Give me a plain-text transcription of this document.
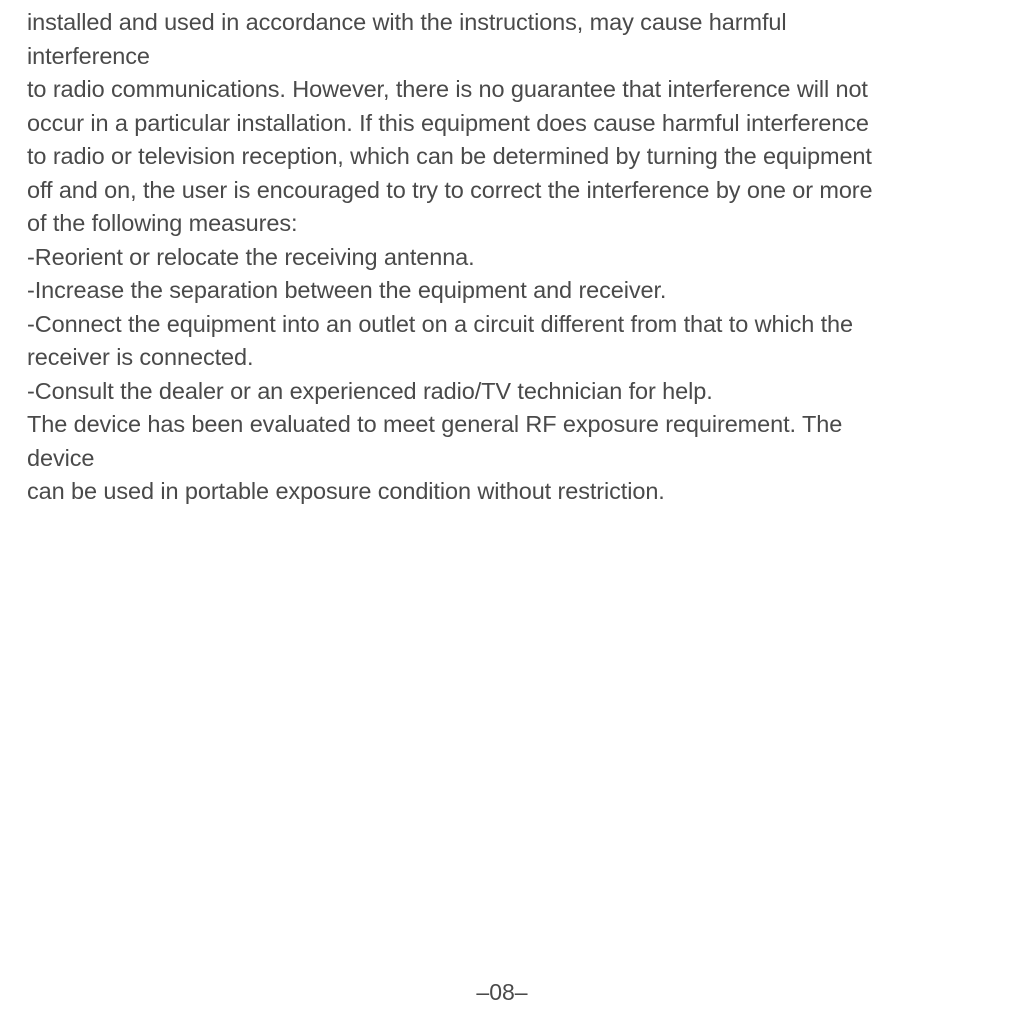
installed and used in accordance with the instructions, may cause harmful
interference
to radio communications. However, there is no guarantee that interference will not
occur in a particular installation. If this equipment does cause harmful interference
to radio or television reception, which can be determined by turning the equipment
off and on, the user is encouraged to try to correct the interference by one or more
of the following measures:
-Reorient or relocate the receiving antenna.
-Increase the separation between the equipment and receiver.
-Connect the equipment into an outlet on a circuit different from that to which the
receiver is connected.
-Consult the dealer or an experienced radio/TV technician for help.
The device has been evaluated to meet general RF exposure requirement. The
device
can be used in portable exposure condition without restriction.
–08–
